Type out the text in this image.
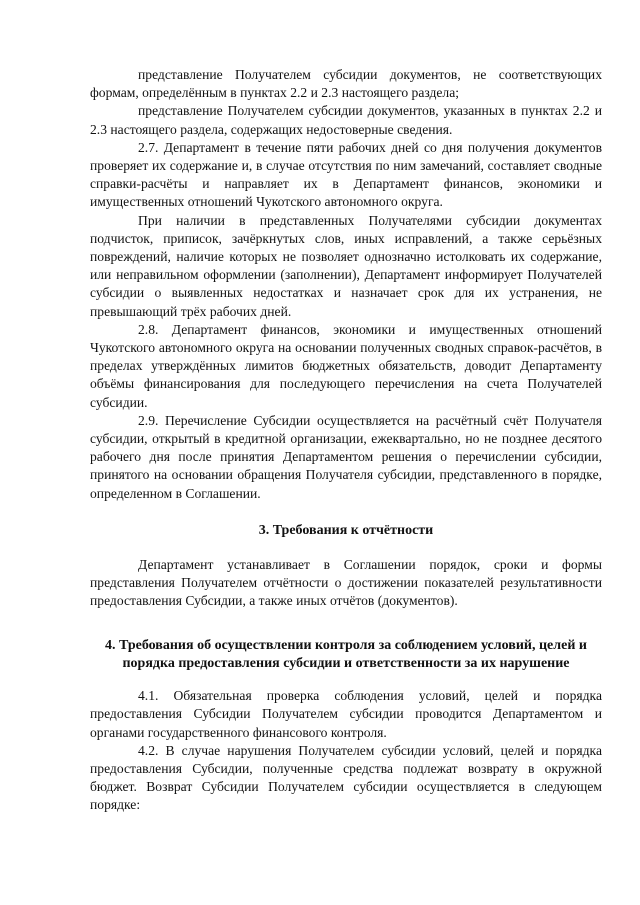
представление Получателем субсидии документов, не соответствующих формам, определённым в пунктах 2.2 и 2.3 настоящего раздела;

представление Получателем субсидии документов, указанных в пунктах 2.2 и 2.3 настоящего раздела, содержащих недостоверные сведения.

2.7. Департамент в течение пяти рабочих дней со дня получения документов проверяет их содержание и, в случае отсутствия по ним замечаний, составляет сводные справки-расчёты и направляет их в Департамент финансов, экономики и имущественных отношений Чукотского автономного округа.

При наличии в представленных Получателями субсидии документах подчисток, приписок, зачёркнутых слов, иных исправлений, а также серьёзных повреждений, наличие которых не позволяет однозначно истолковать их содержание, или неправильном оформлении (заполнении), Департамент информирует Получателей субсидии о выявленных недостатках и назначает срок для их устранения, не превышающий трёх рабочих дней.

2.8. Департамент финансов, экономики и имущественных отношений Чукотского автономного округа на основании полученных сводных справок-расчётов, в пределах утверждённых лимитов бюджетных обязательств, доводит Департаменту объёмы финансирования для последующего перечисления на счета Получателей субсидии.

2.9. Перечисление Субсидии осуществляется на расчётный счёт Получателя субсидии, открытый в кредитной организации, ежеквартально, но не позднее десятого рабочего дня после принятия Департаментом решения о перечислении субсидии, принятого на основании обращения Получателя субсидии, представленного в порядке, определенном в Соглашении.

3. Требования к отчётности

Департамент устанавливает в Соглашении порядок, сроки и формы представления Получателем отчётности о достижении показателей результативности предоставления Субсидии, а также иных отчётов (документов).

4. Требования об осуществлении контроля за соблюдением условий, целей и порядка предоставления субсидии и ответственности за их нарушение

4.1. Обязательная проверка соблюдения условий, целей и порядка предоставления Субсидии Получателем субсидии проводится Департаментом и органами государственного финансового контроля.

4.2. В случае нарушения Получателем субсидии условий, целей и порядка предоставления Субсидии, полученные средства подлежат возврату в окружной бюджет. Возврат Субсидии Получателем субсидии осуществляется в следующем порядке:
